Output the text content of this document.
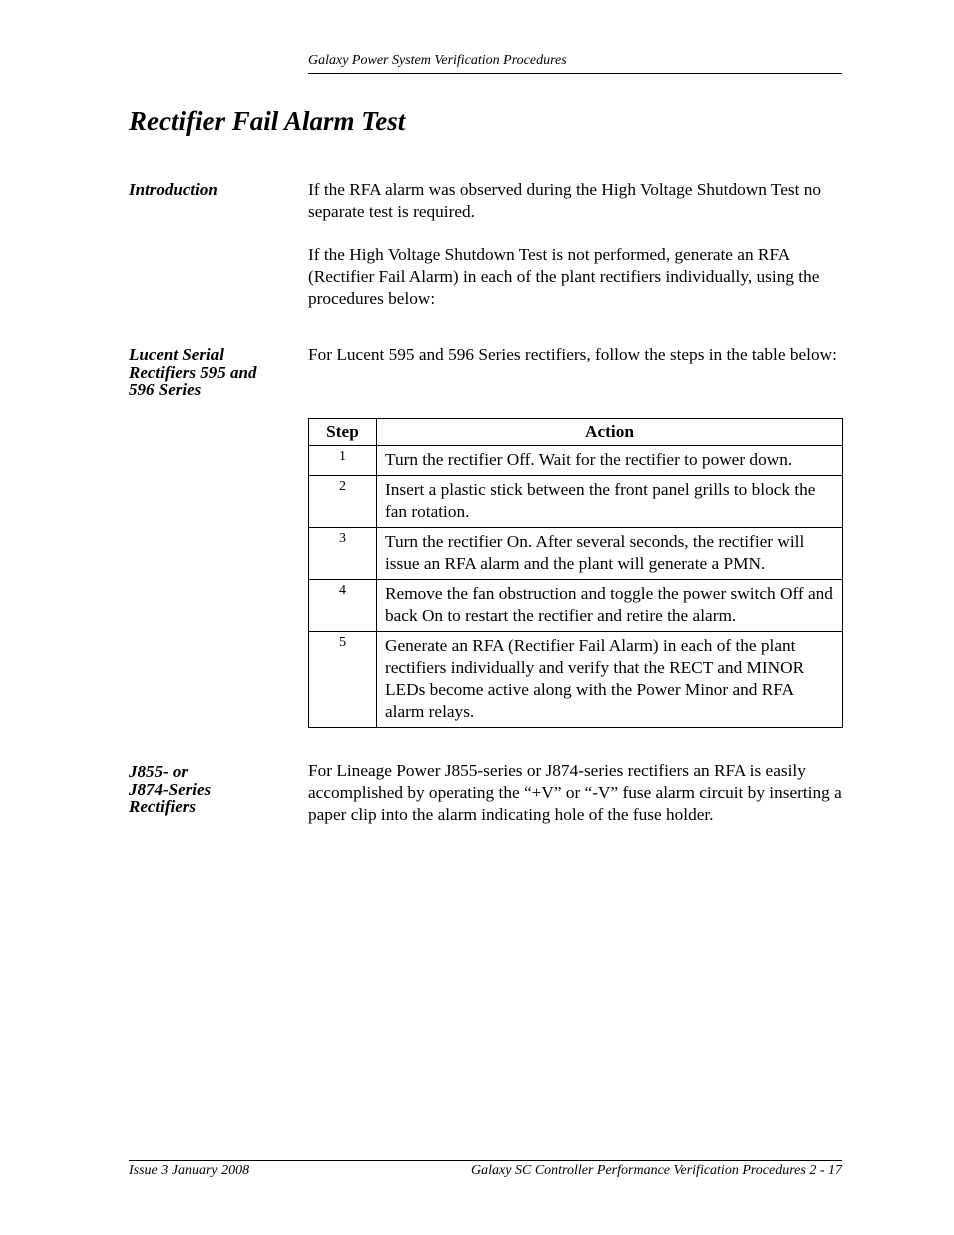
Galaxy Power System Verification Procedures
Rectifier Fail Alarm Test
Introduction	If the RFA alarm was observed during the High Voltage Shutdown Test no separate test is required.

If the High Voltage Shutdown Test is not performed, generate an RFA (Rectifier Fail Alarm) in each of the plant rectifiers individually, using the procedures below:

Lucent Serial
Rectifiers 595 and
596 Series

For Lucent 595 and 596 Series rectifiers, follow the steps in the table below:

Step	Action
1	Turn the rectifier Off. Wait for the rectifier to power down.
2	Insert a plastic stick between the front panel grills to block the fan rotation.
3	Turn the rectifier On. After several seconds, the rectifier will issue an RFA alarm and the plant will generate a PMN.
4	Remove the fan obstruction and toggle the power switch Off and back On to restart the rectifier and retire the alarm.
5	Generate an RFA (Rectifier Fail Alarm) in each of the plant rectifiers individually and verify that the RECT and MINOR LEDs become active along with the Power Minor and RFA alarm relays.
J855- or
J874-Series
Rectifiers

For Lineage Power J855-series or J874-series rectifiers an RFA is easily accomplished by operating the “+V” or “-V” fuse alarm circuit by inserting a paper clip into the alarm indicating hole of the fuse holder.

Issue 3 January 2008	Galaxy SC Controller Performance Verification Procedures 2 - 17
